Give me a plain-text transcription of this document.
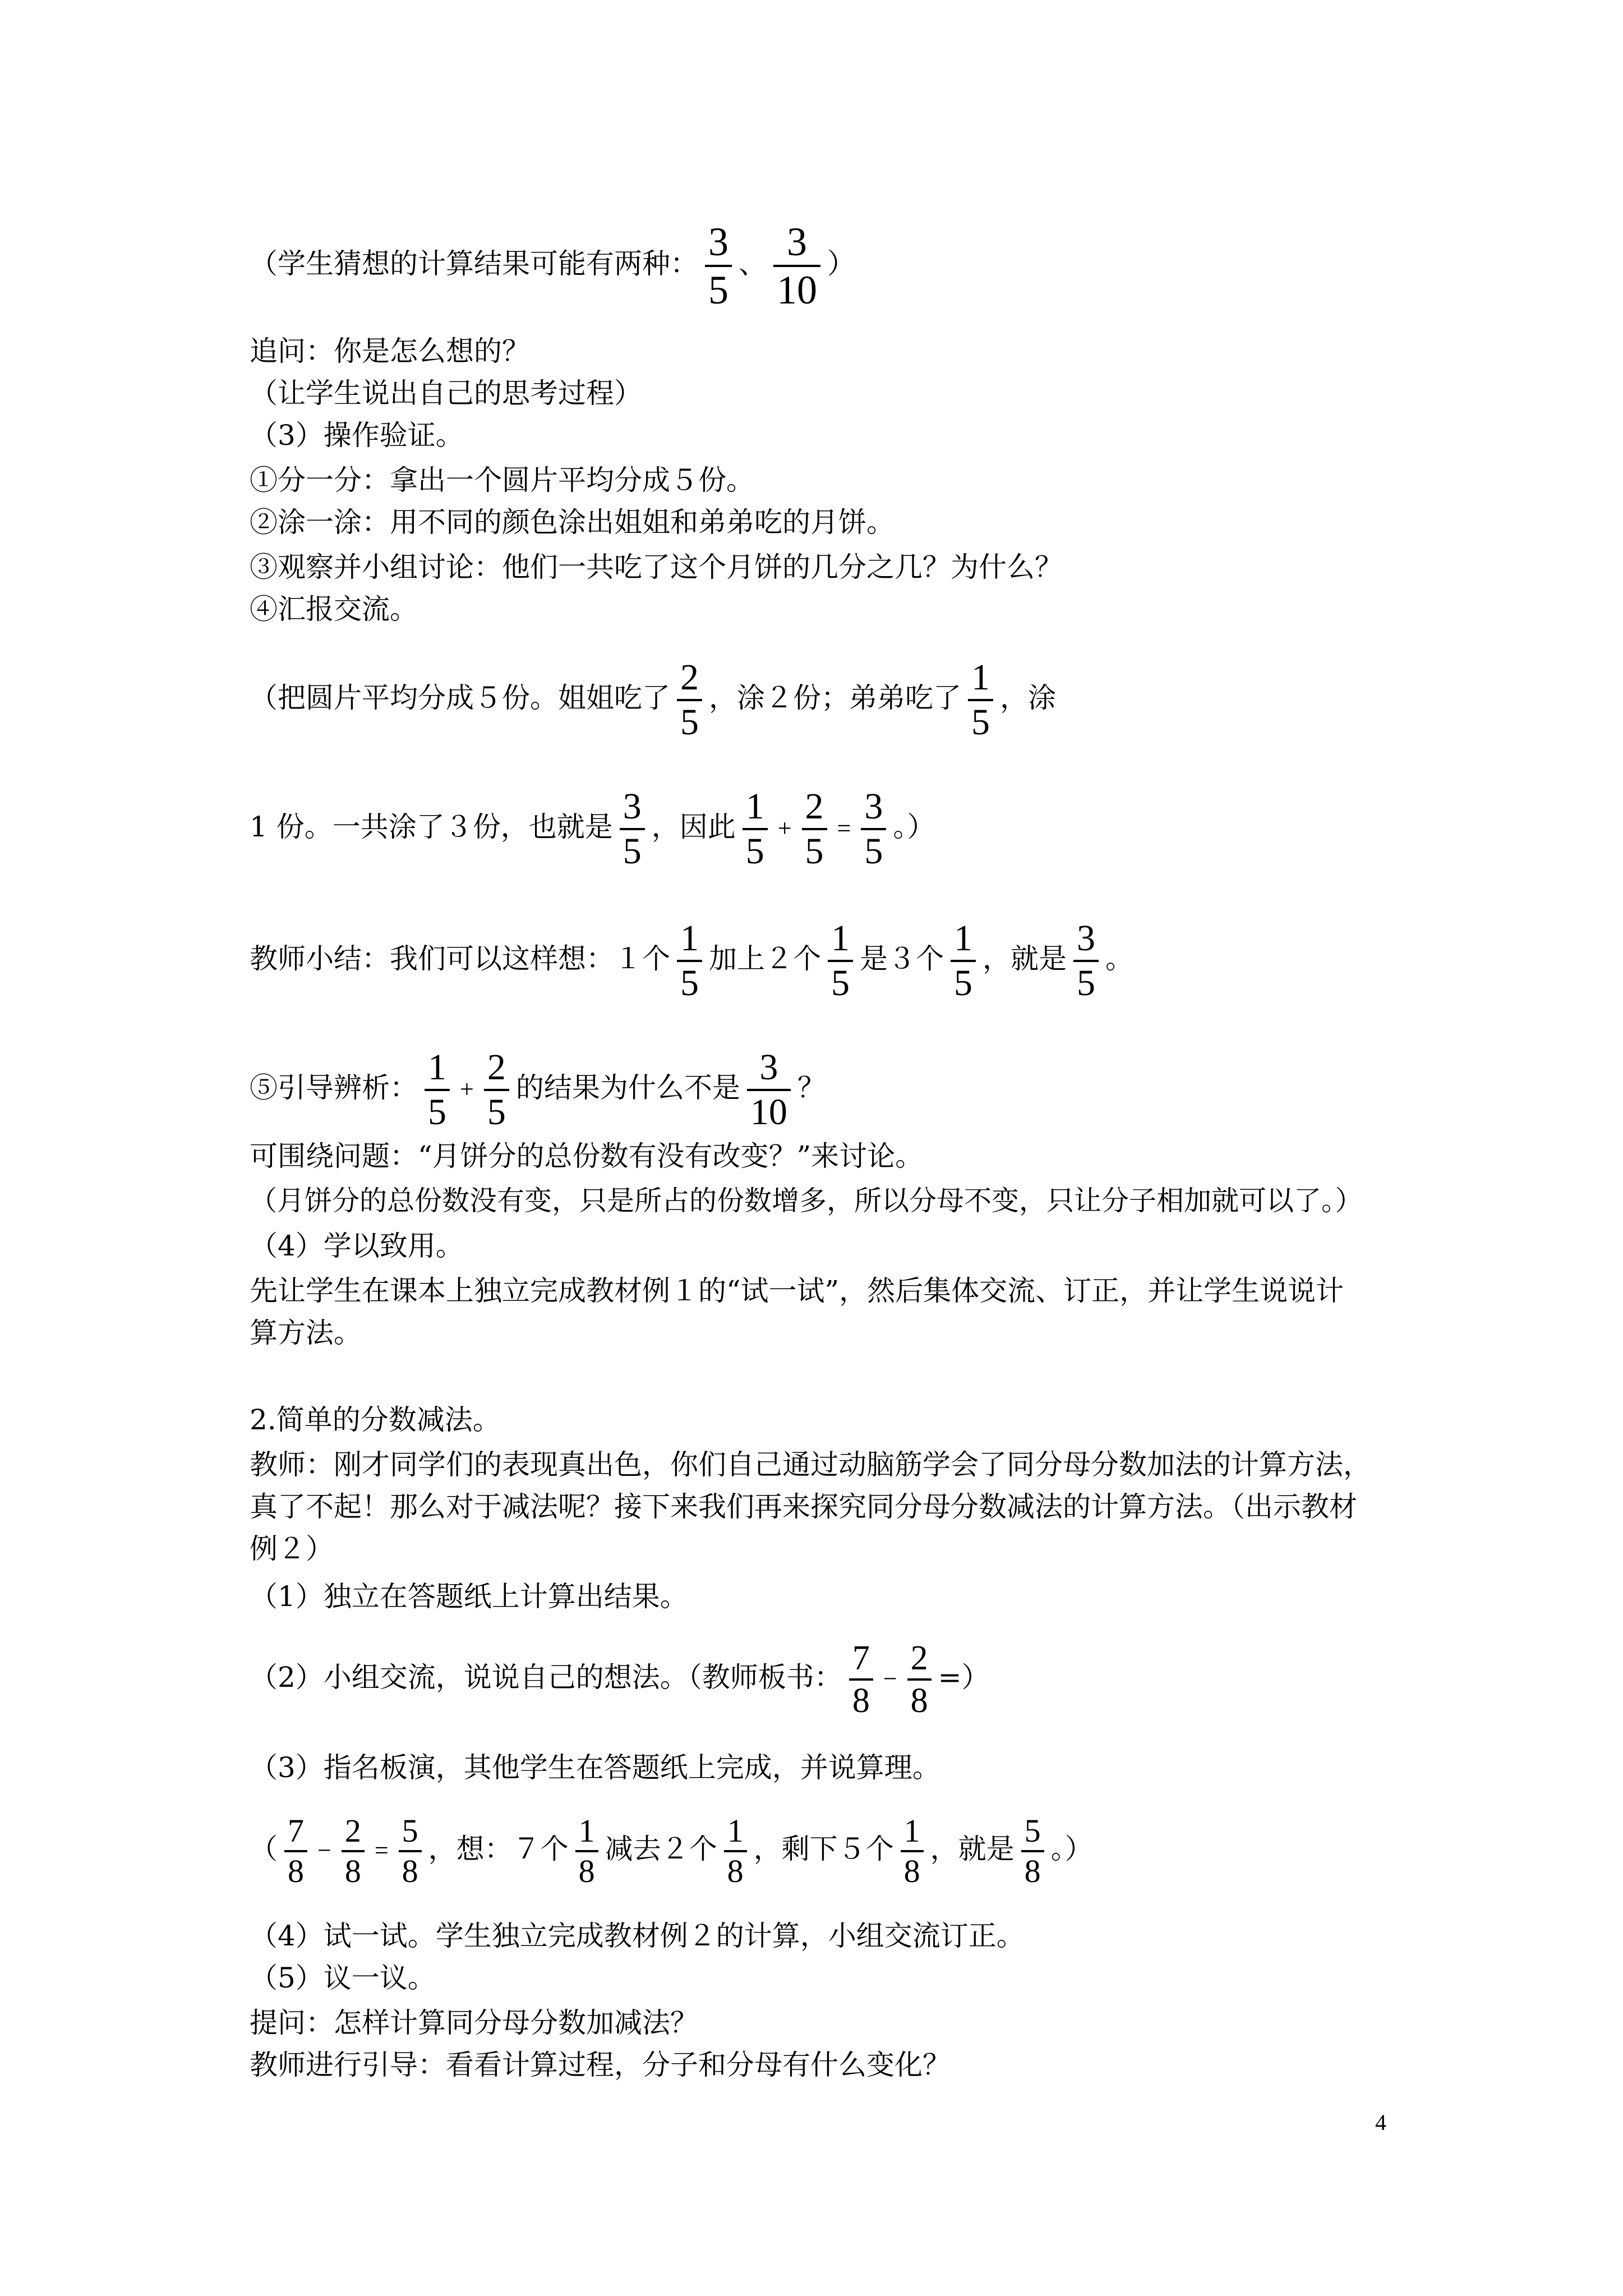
（学生猜想的计算结果可能有两种： $\frac{3}{5}$ 、 $\frac{3}{10}$ ）
追问：你是怎么想的？
（让学生说出自己的思考过程）
（3）操作验证。
①分一分：拿出一个圆片平均分成５份。
②涂一涂：用不同的颜色涂出姐姐和弟弟吃的月饼。
③观察并小组讨论：他们一共吃了这个月饼的几分之几？为什么？
④汇报交流。
（把圆片平均分成５份。姐姐吃了 $\frac{2}{5}$ ，涂２份；弟弟吃了 $\frac{1}{5}$ ，涂
1 份。一共涂了３份，也就是 $\frac{3}{5}$ ，因此 $\frac{1}{5} + \frac{2}{5} = \frac{3}{5}$ 。）
教师小结：我们可以这样想：１个 $\frac{1}{5}$ 加上２个 $\frac{1}{5}$ 是３个 $\frac{1}{5}$ ，就是 $\frac{3}{5}$ 。
⑤引导辨析： $\frac{1}{5} + \frac{2}{5}$ 的结果为什么不是 $\frac{3}{10}$ ？
可围绕问题：“月饼分的总份数有没有改变？”来讨论。
（月饼分的总份数没有变，只是所占的份数增多，所以分母不变，只让分子相加就可以了。）
（4）学以致用。
先让学生在课本上独立完成教材例１的“试一试”，然后集体交流、订正，并让学生说说计
算方法。
2.简单的分数减法。
教师：刚才同学们的表现真出色，你们自己通过动脑筋学会了同分母分数加法的计算方法，
真了不起！那么对于减法呢？接下来我们再来探究同分母分数减法的计算方法。（出示教材
例２）
（1）独立在答题纸上计算出结果。
（2）小组交流，说说自己的想法。（教师板书： $\frac{7}{8} - \frac{2}{8}$ =）
（3）指名板演，其他学生在答题纸上完成，并说算理。
（ $\frac{7}{8} - \frac{2}{8} = \frac{5}{8}$ ，想：７个 $\frac{1}{8}$ 减去２个 $\frac{1}{8}$ ，剩下５个 $\frac{1}{8}$ ，就是 $\frac{5}{8}$ 。）
（4）试一试。学生独立完成教材例２的计算，小组交流订正。
（5）议一议。
提问：怎样计算同分母分数加减法？
教师进行引导：看看计算过程，分子和分母有什么变化？
4
